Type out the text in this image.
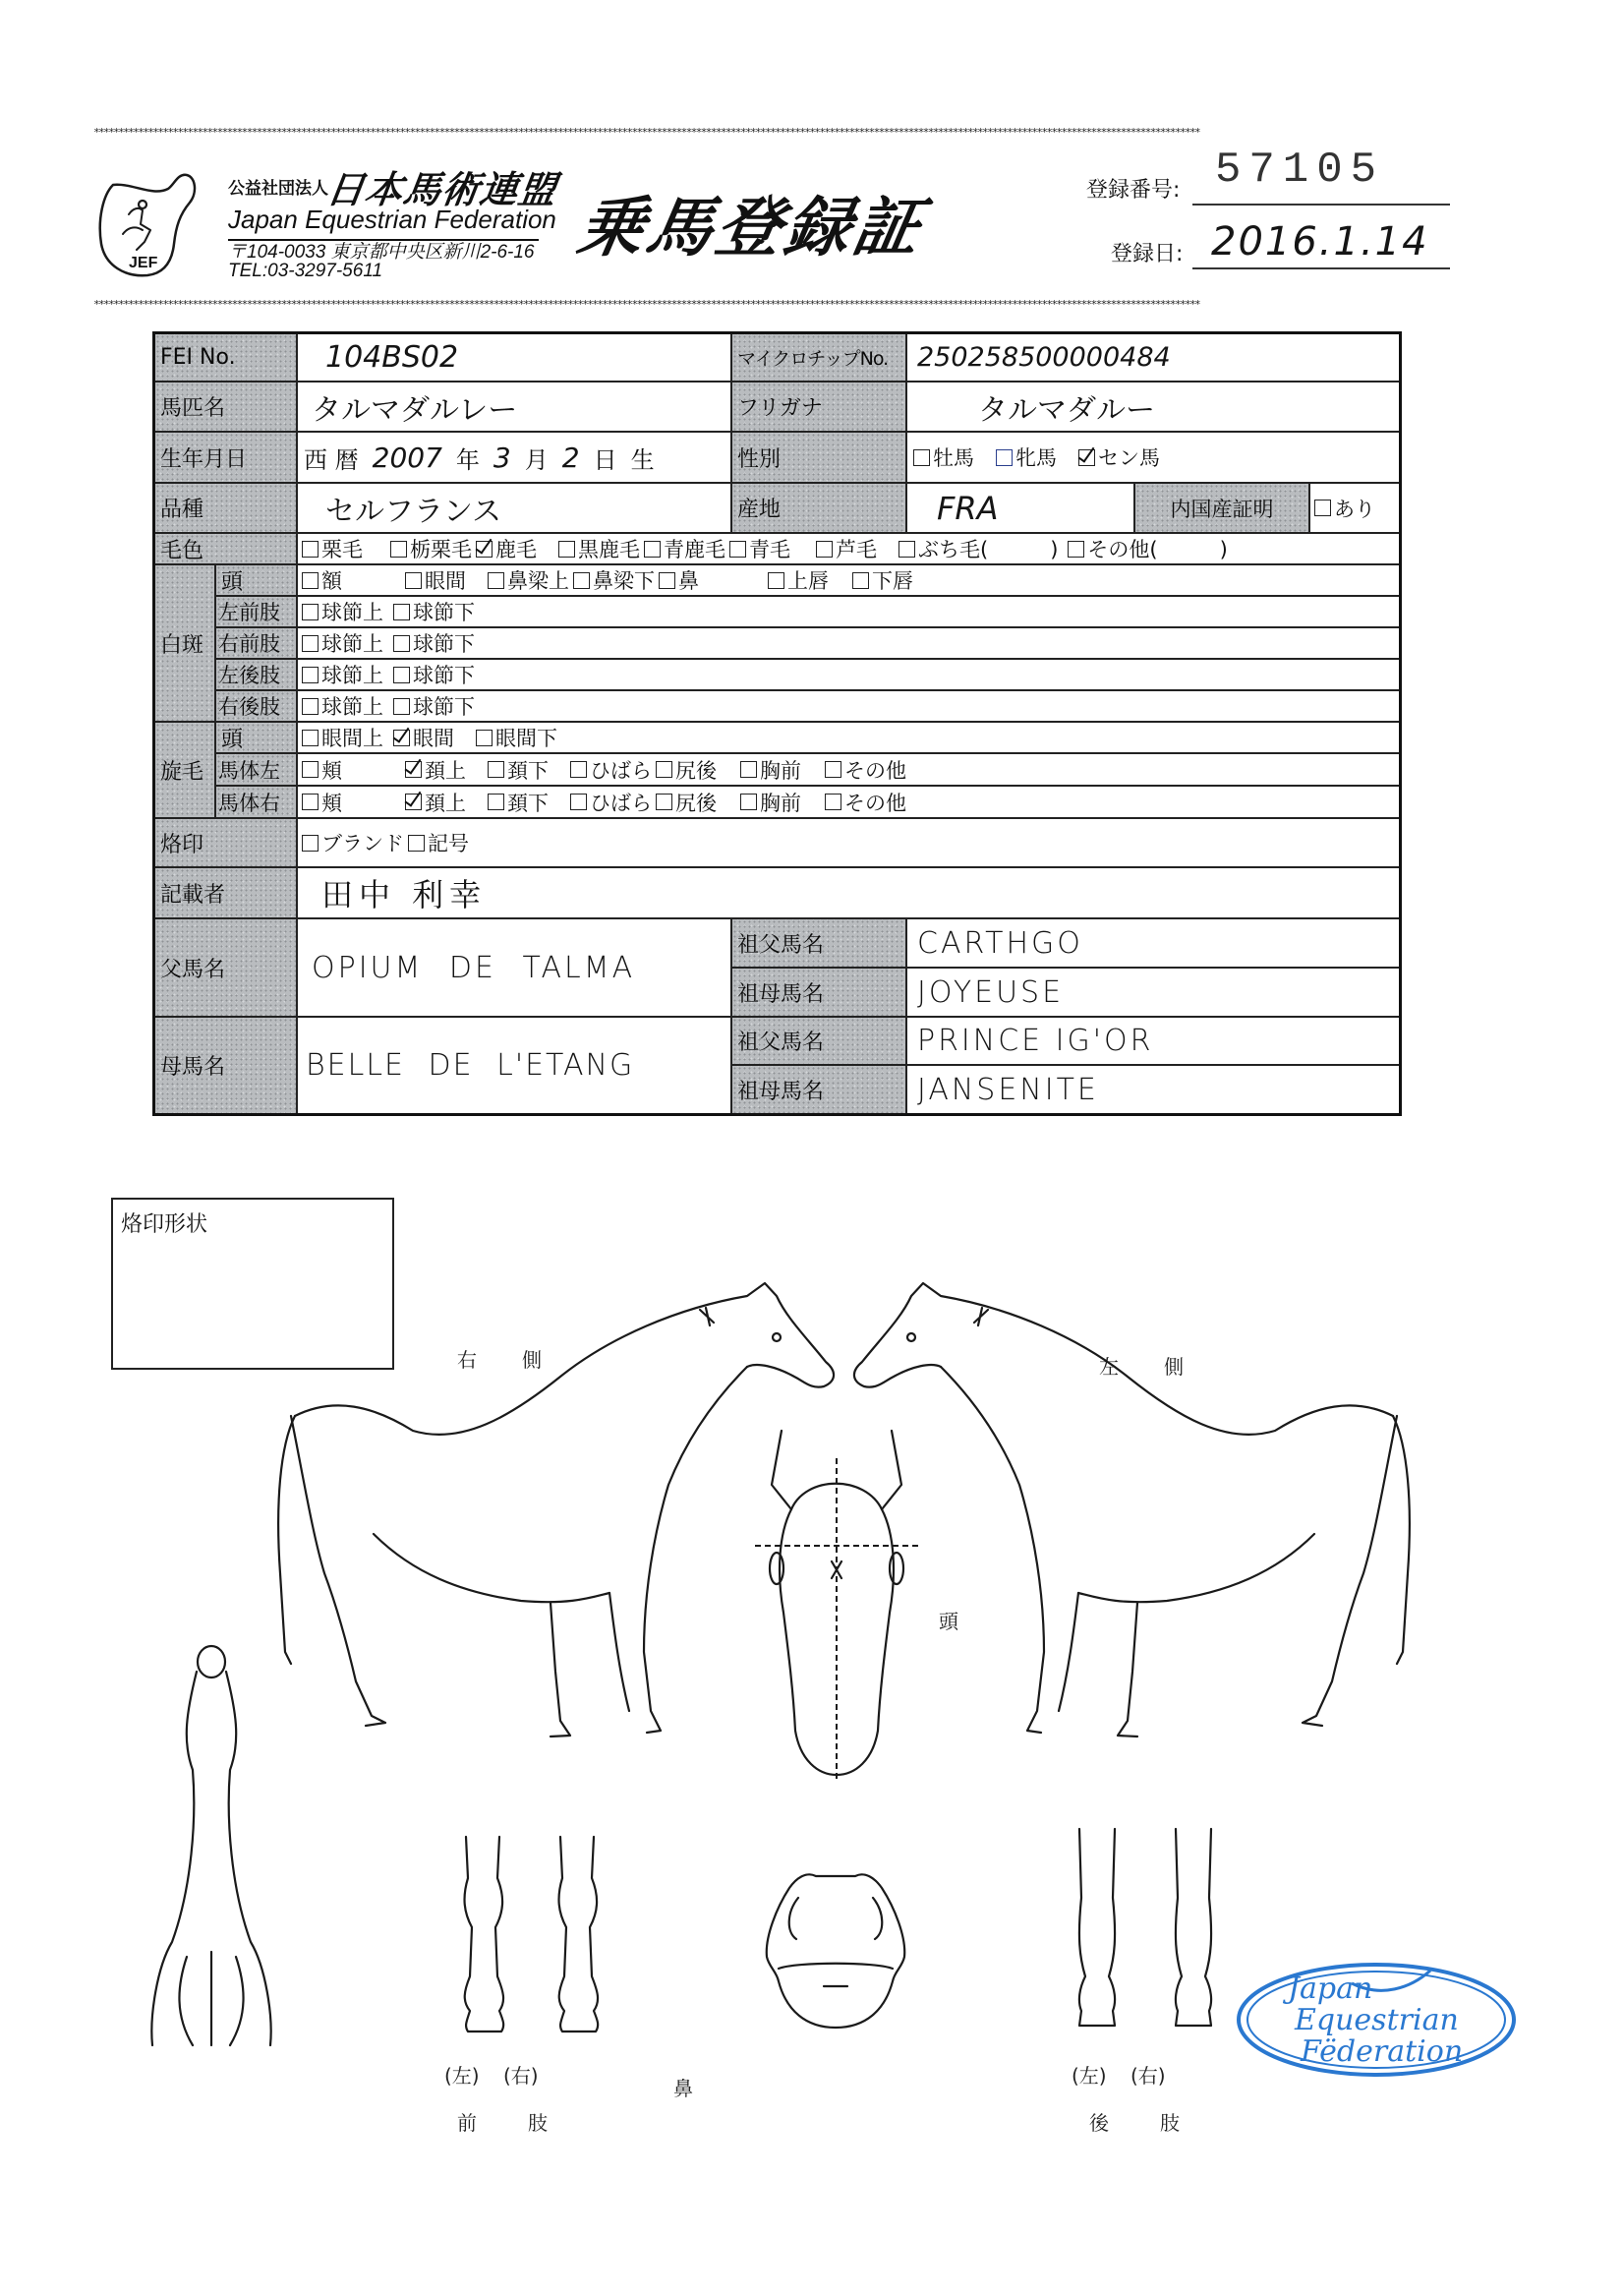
********************************************************************************************************************************************************************************************************************************
JEF
公益社団法人
日本馬術連盟
Japan Equestrian Federation
〒104-0033 東京都中央区新川2-6-16
TEL:03-3297-5611
乗馬登録証	登録番号: 57105
登録日: 2016.1.14
********************************************************************************************************************************************************************************************************************************
FEI No.	104BS02	マイクロチップNo.	250258500000484
馬匹名	タルマダルレー	フリガナ	タルマダルー
生年月日	西 暦 2007 年 3 月 2 日 生	性別	牡馬 牝馬 セン馬
品種	セルフランス	産地	FRA	内国産証明	あり
毛色	栗毛 栃栗毛 鹿毛 黒鹿毛 青鹿毛 青毛 芦毛 ぶち毛(　　　) その他(　　　)
白斑
頭	額	眼間 鼻梁上 鼻梁下 鼻	上唇 下唇
左前肢	球節上 球節下
右前肢	球節上 球節下
左後肢	球節上 球節下
右後肢	球節上 球節下
旋毛
頭	眼間上 眼間 眼間下
馬体左	頬	頚上 頚下 ひばら 尻後 胸前 その他
馬体右	頬	頚上 頚下 ひばら 尻後 胸前 その他
烙印	ブランド 記号
記載者	田中 利幸
父馬名	OPIUM DE TALMA
祖父馬名	CARTHGO
祖母馬名	JOYEUSE
母馬名	BELLE DE L'ETANG
祖父馬名	PRINCE IG'OR
祖母馬名	JANSENITE
烙印形状
右　　側	左　　側
頭
鼻
(左) (右)
前　　肢
(左) (右)
後　　肢
Japan
Equestrian
Fëderation
